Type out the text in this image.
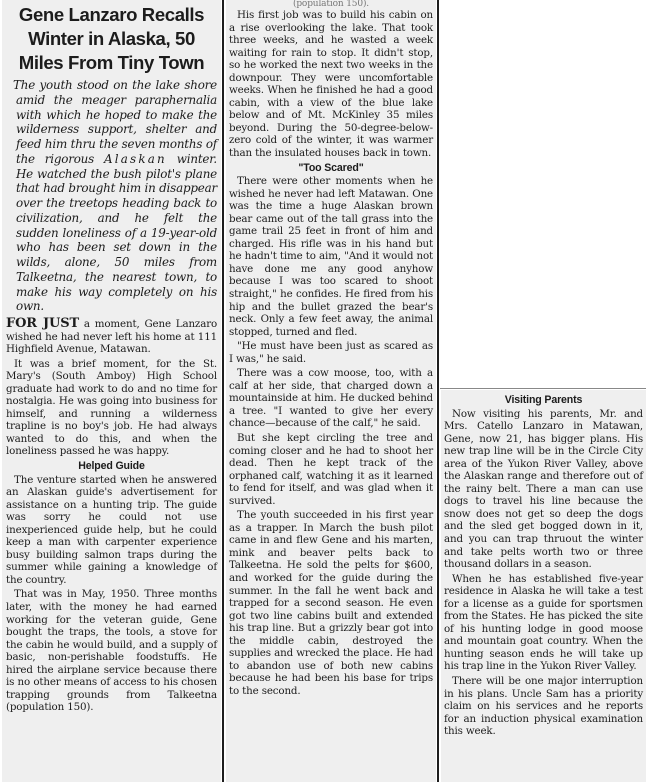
Gene Lanzaro Recalls Winter in Alaska, 50 Miles From Tiny Town

The youth stood on the lake shore amid the meager paraphernalia with which he hoped to make the wilderness support, shelter and feed him thru the seven months of the rigorous Alaskan winter. He watched the bush pilot's plane that had brought him in disappear over the treetops heading back to civilization, and he felt the sudden loneliness of a 19-year-old who has been set down in the wilds, alone, 50 miles from Talkeetna, the nearest town, to make his way completely on his own.

FOR JUST a moment, Gene Lanzaro wished he had never left his home at 111 Highfield Avenue, Matawan.

It was a brief moment, for the St. Mary's (South Amboy) High School graduate had work to do and no time for nostalgia. He was going into business for himself, and running a wilderness trapline is no boy's job. He had always wanted to do this, and when the loneliness passed he was happy.

Helped Guide

The venture started when he answered an Alaskan guide's advertisement for assistance on a hunting trip. The guide was sorry he could not use inexperienced guide help, but he could keep a man with carpenter experience busy building salmon traps during the summer while gaining a knowledge of the country.

That was in May, 1950. Three months later, with the money he had earned working for the veteran guide, Gene bought the traps, the tools, a stove for the cabin he would build, and a supply of basic, non-perishable foodstuffs. He hired the airplane service because there is no other means of access to his chosen trapping grounds from Talkeetna (population 150).

(population 150).

His first job was to build his cabin on a rise overlooking the lake. That took three weeks, and he wasted a week waiting for rain to stop. It didn't stop, so he worked the next two weeks in the downpour. They were uncomfortable weeks. When he finished he had a good cabin, with a view of the blue lake below and of Mt. McKinley 35 miles beyond. During the 50-degree-below-zero cold of the winter, it was warmer than the insulated houses back in town.

"Too Scared"

There were other moments when he wished he never had left Matawan. One was the time a huge Alaskan brown bear came out of the tall grass into the game trail 25 feet in front of him and charged. His rifle was in his hand but he hadn't time to aim, "And it would not have done me any good anyhow because I was too scared to shoot straight," he confides. He fired from his hip and the bullet grazed the bear's neck. Only a few feet away, the animal stopped, turned and fled.

"He must have been just as scared as I was," he said.

There was a cow moose, too, with a calf at her side, that charged down a mountainside at him. He ducked behind a tree. "I wanted to give her every chance—because of the calf," he said.

But she kept circling the tree and coming closer and he had to shoot her dead. Then he kept track of the orphaned calf, watching it as it learned to fend for itself, and was glad when it survived.

The youth succeeded in his first year as a trapper. In March the bush pilot came in and flew Gene and his marten, mink and beaver pelts back to Talkeetna. He sold the pelts for $600, and worked for the guide during the summer. In the fall he went back and trapped for a second season. He even got two line cabins built and extended his trap line. But a grizzly bear got into the middle cabin, destroyed the supplies and wrecked the place. He had to abandon use of both new cabins because he had been his base for trips to the second.

Visiting Parents

Now visiting his parents, Mr. and Mrs. Catello Lanzaro in Matawan, Gene, now 21, has bigger plans. His new trap line will be in the Circle City area of the Yukon River Valley, above the Alaskan range and therefore out of the rainy belt. There a man can use dogs to travel his line because the snow does not get so deep the dogs and the sled get bogged down in it, and you can trap thruout the winter and take pelts worth two or three thousand dollars in a season.

When he has established five-year residence in Alaska he will take a test for a license as a guide for sportsmen from the States. He has picked the site of his hunting lodge in good moose and mountain goat country. When the hunting season ends he will take up his trap line in the Yukon River Valley.

There will be one major interruption in his plans. Uncle Sam has a priority claim on his services and he reports for an induction physical examination this week.
